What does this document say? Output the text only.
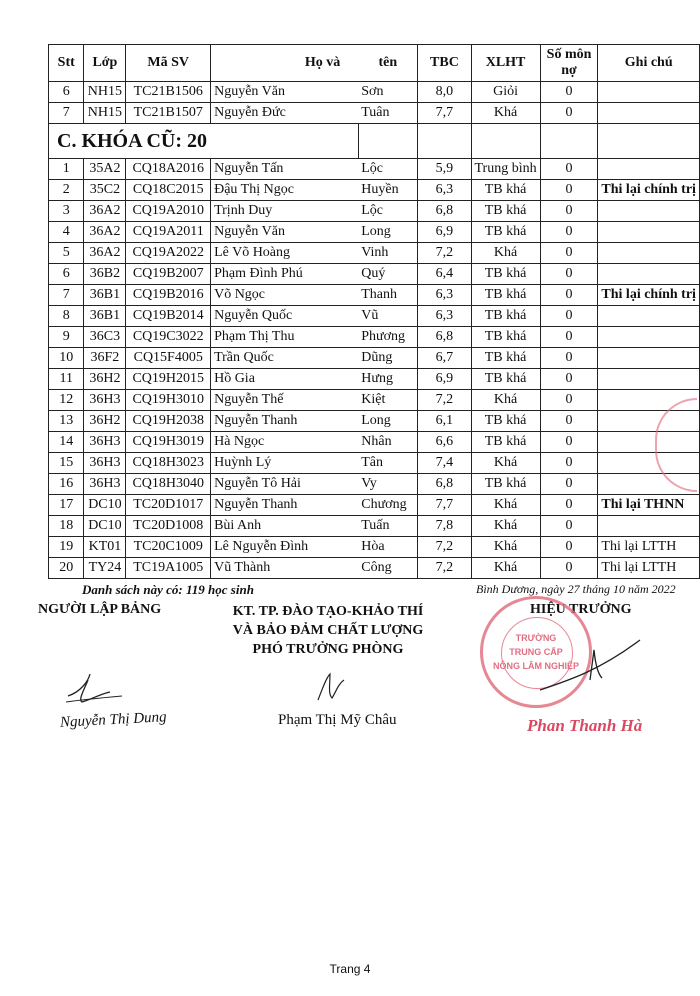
Stt	Lớp	Mã SV	Họ và	tên	TBC	XLHT	Số môn nợ	Ghi chú
6	NH15	TC21B1506	Nguyễn Văn	Sơn	8,0	Giỏi	0	
7	NH15	TC21B1507	Nguyễn Đức	Tuân	7,7	Khá	0	
C. KHÓA CŨ: 20								
1	35A2	CQ18A2016	Nguyễn Tấn	Lộc	5,9	Trung bình	0	
2	35C2	CQ18C2015	Đậu Thị Ngọc	Huyền	6,3	TB khá	0	Thi lại chính trị
3	36A2	CQ19A2010	Trịnh Duy	Lộc	6,8	TB khá	0	
4	36A2	CQ19A2011	Nguyễn Văn	Long	6,9	TB khá	0	
5	36A2	CQ19A2022	Lê Võ Hoàng	Vinh	7,2	Khá	0	
6	36B2	CQ19B2007	Phạm Đình Phú	Quý	6,4	TB khá	0	
7	36B1	CQ19B2016	Võ Ngọc	Thanh	6,3	TB khá	0	Thi lại chính trị
8	36B1	CQ19B2014	Nguyễn Quốc	Vũ	6,3	TB khá	0	
9	36C3	CQ19C3022	Phạm Thị Thu	Phương	6,8	TB khá	0	
10	36F2	CQ15F4005	Trần Quốc	Dũng	6,7	TB khá	0	
11	36H2	CQ19H2015	Hồ Gia	Hưng	6,9	TB khá	0	
12	36H3	CQ19H3010	Nguyễn Thế	Kiệt	7,2	Khá	0	
13	36H2	CQ19H2038	Nguyễn Thanh	Long	6,1	TB khá	0	
14	36H3	CQ19H3019	Hà Ngọc	Nhân	6,6	TB khá	0	
15	36H3	CQ18H3023	Huỳnh Lý	Tân	7,4	Khá	0	
16	36H3	CQ18H3040	Nguyễn Tô Hải	Vy	6,8	TB khá	0	
17	DC10	TC20D1017	Nguyễn Thanh	Chương	7,7	Khá	0	Thi lại THNN
18	DC10	TC20D1008	Bùi Anh	Tuấn	7,8	Khá	0	
19	KT01	TC20C1009	Lê Nguyễn Đình	Hòa	7,2	Khá	0	Thi lại LTTH
20	TY24	TC19A1005	Vũ Thành	Công	7,2	Khá	0	Thi lại LTTH
Danh sách này có: 119 học sinh	Bình Dương, ngày 27 tháng 10 năm 2022
NGƯỜI LẬP BẢNG	KT. TP. ĐÀO TẠO-KHẢO THÍ
VÀ BẢO ĐẢM CHẤT LƯỢNG
PHÓ TRƯỞNG PHÒNG
HIỆU TRƯỞNG
Nguyễn Thị Dung	Phạm Thị Mỹ Châu
TRƯỜNG
TRUNG CẤP
NÔNG LÂM NGHIỆP
Phan Thanh Hà
Trang 4
